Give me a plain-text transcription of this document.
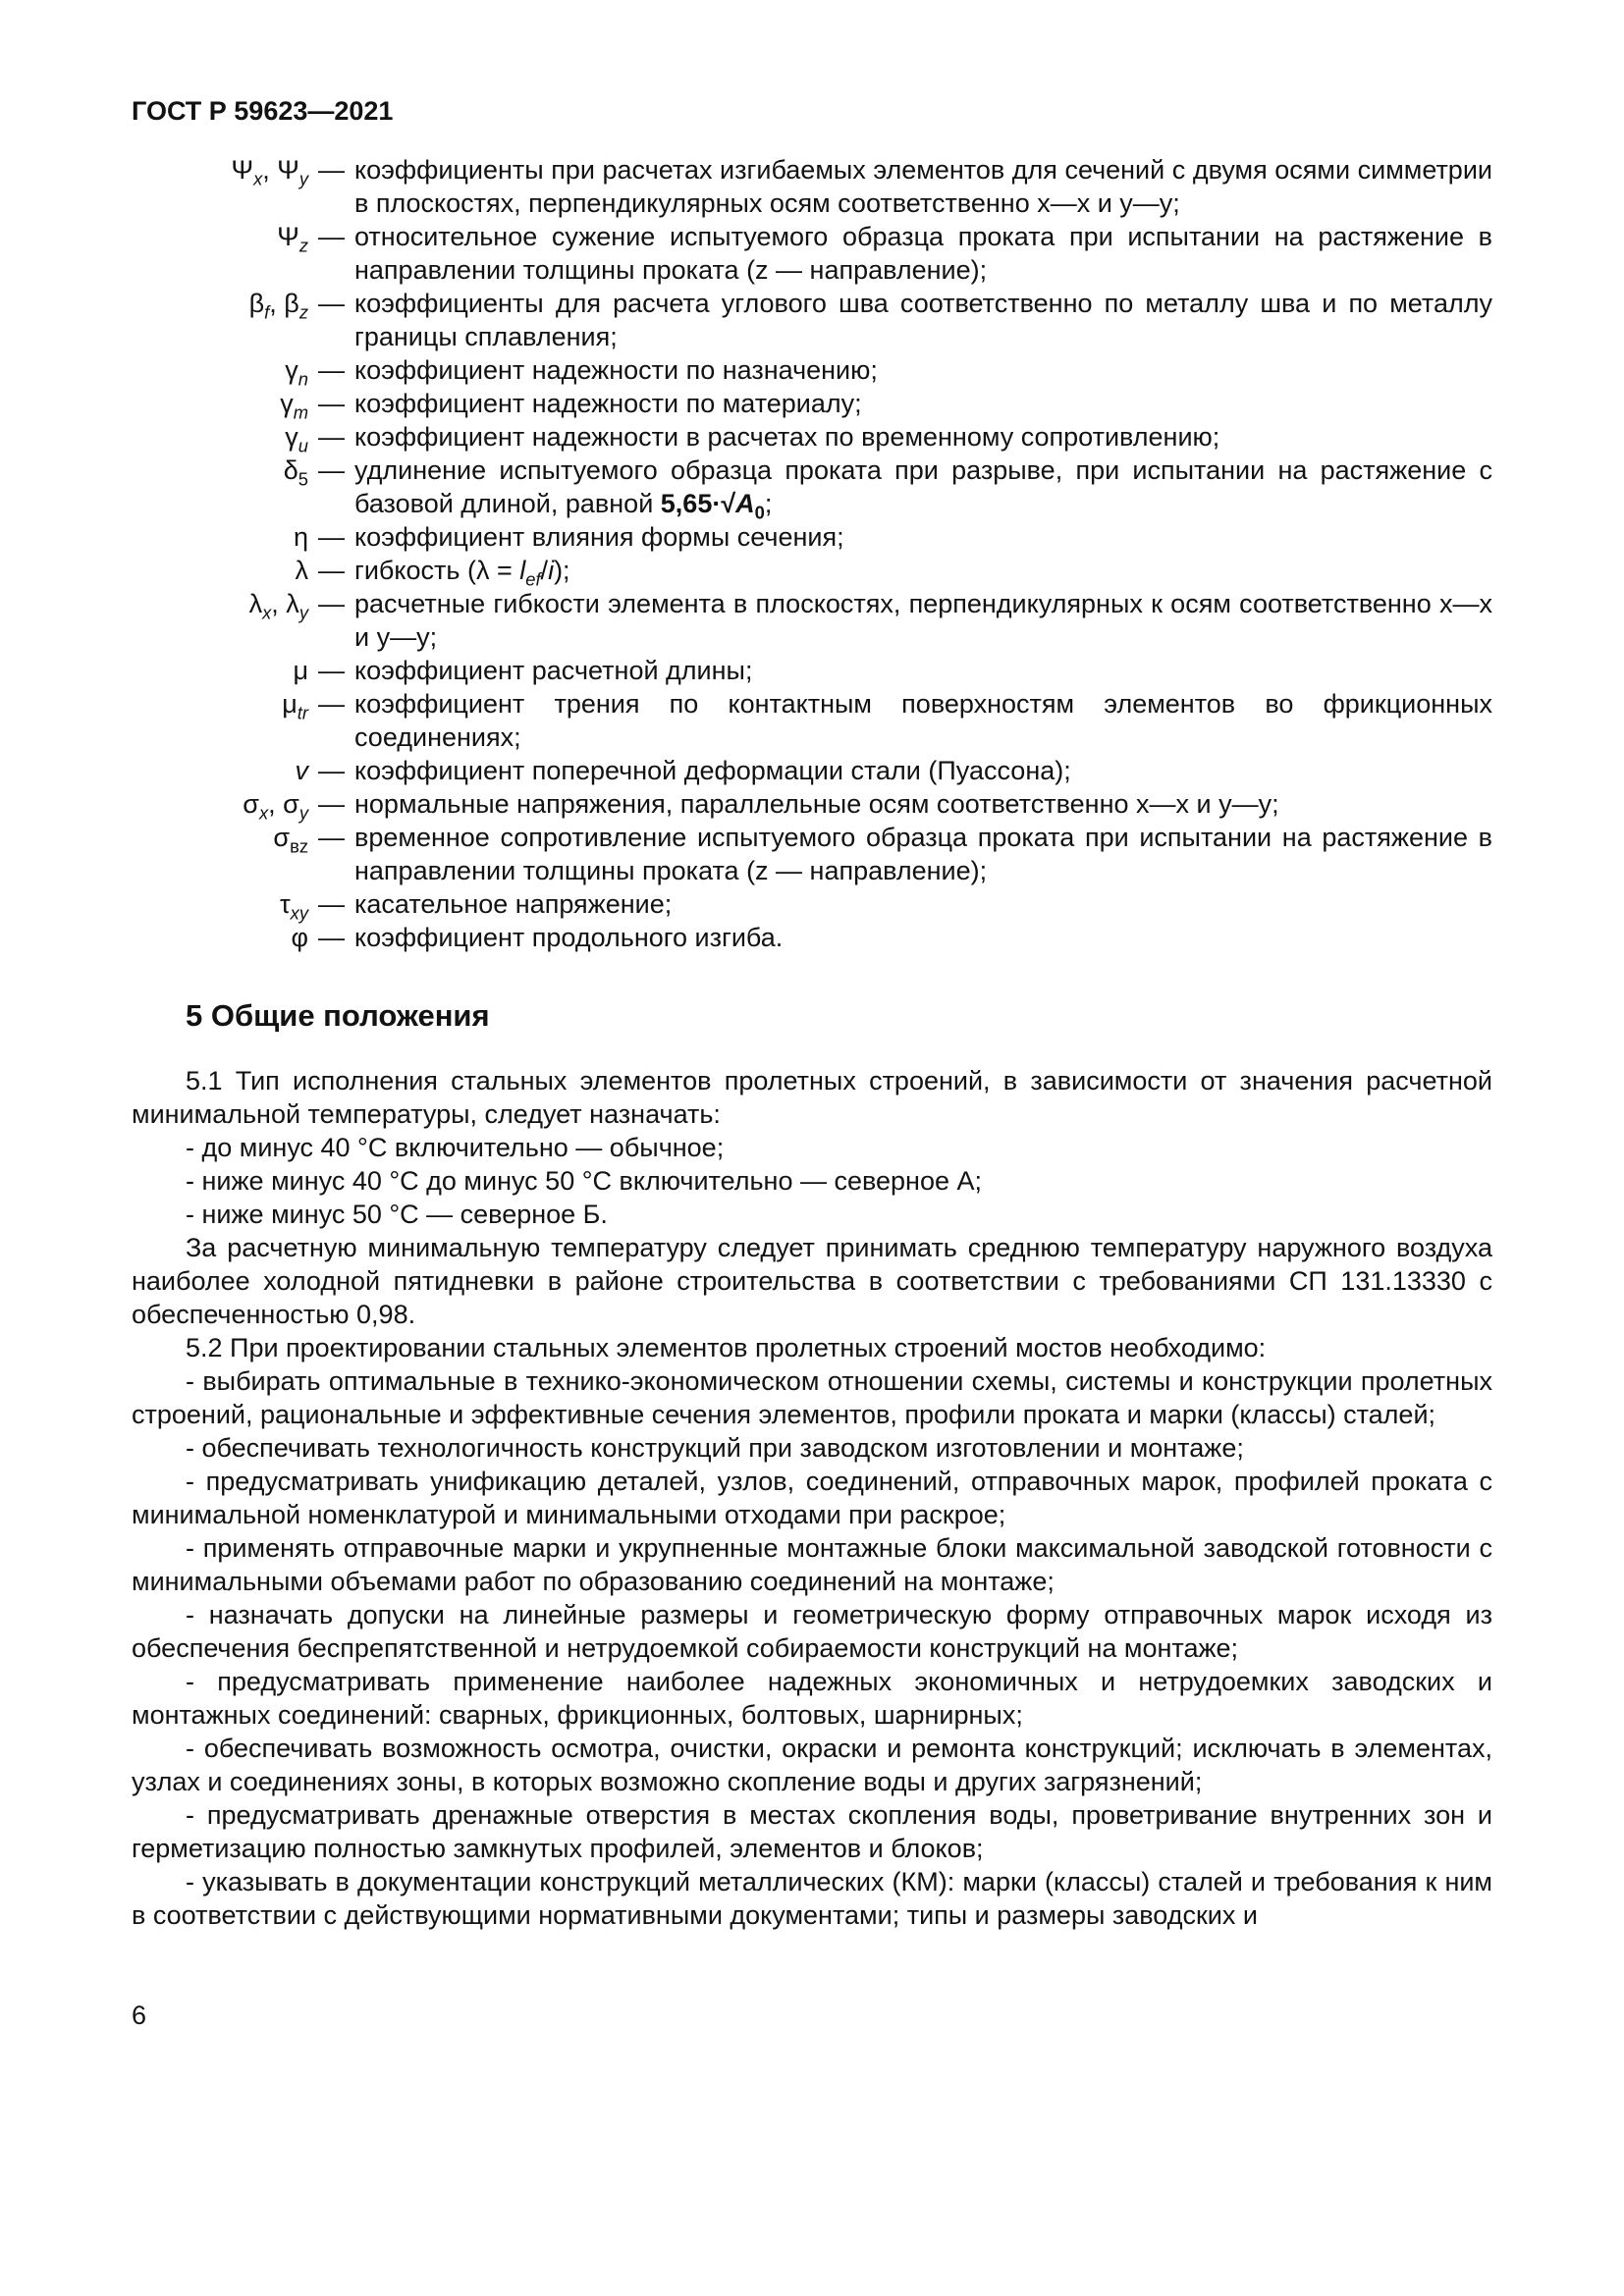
ГОСТ Р 59623—2021
$\Psi_x$, $\Psi_y$ — коэффициенты при расчетах изгибаемых элементов для сечений с двумя осями симметрии в плоскостях, перпендикулярных осям соответственно x—x и y—y;
$\Psi_z$ — относительное сужение испытуемого образца проката при испытании на растяжение в направлении толщины проката (z — направление);
$\beta_f$, $\beta_z$ — коэффициенты для расчета углового шва соответственно по металлу шва и по металлу границы сплавления;
$\gamma_n$ — коэффициент надежности по назначению;
$\gamma_m$ — коэффициент надежности по материалу;
$\gamma_u$ — коэффициент надежности в расчетах по временному сопротивлению;
$\delta_5$ — удлинение испытуемого образца проката при разрыве, при испытании на растяжение с базовой длиной, равной $5,65\cdot√A_0$;
η — коэффициент влияния формы сечения;
λ — гибкость $(\lambda = l_{ef}/i)$;
$\lambda_x$, $\lambda_y$ — расчетные гибкости элемента в плоскостях, перпендикулярных к осям соответственно x—x и y—y;
μ — коэффициент расчетной длины;
$\mu_{tr}$ — коэффициент трения по контактным поверхностям элементов во фрикционных соединениях;
v — коэффициент поперечной деформации стали (Пуассона);
$\sigma_x$, $\sigma_y$ — нормальные напряжения, параллельные осям соответственно x—x и y—y;
$\sigma_{вz}$ — временное сопротивление испытуемого образца проката при испытании на растяжение в направлении толщины проката (z — направление);
$\tau_{xy}$ — касательное напряжение;
φ — коэффициент продольного изгиба.
5 Общие положения

5.1 Тип исполнения стальных элементов пролетных строений, в зависимости от значения расчетной минимальной температуры, следует назначать:

- до минус 40 °С включительно — обычное;

- ниже минус 40 °С до минус 50 °С включительно — северное А;

- ниже минус 50 °С — северное Б.

За расчетную минимальную температуру следует принимать среднюю температуру наружного воздуха наиболее холодной пятидневки в районе строительства в соответствии с требованиями СП 131.13330 с обеспеченностью 0,98.

5.2 При проектировании стальных элементов пролетных строений мостов необходимо:

- выбирать оптимальные в технико-экономическом отношении схемы, системы и конструкции пролетных строений, рациональные и эффективные сечения элементов, профили проката и марки (классы) сталей;

- обеспечивать технологичность конструкций при заводском изготовлении и монтаже;

- предусматривать унификацию деталей, узлов, соединений, отправочных марок, профилей проката с минимальной номенклатурой и минимальными отходами при раскрое;

- применять отправочные марки и укрупненные монтажные блоки максимальной заводской готовности с минимальными объемами работ по образованию соединений на монтаже;

- назначать допуски на линейные размеры и геометрическую форму отправочных марок исходя из обеспечения беспрепятственной и нетрудоемкой собираемости конструкций на монтаже;

- предусматривать применение наиболее надежных экономичных и нетрудоемких заводских и монтажных соединений: сварных, фрикционных, болтовых, шарнирных;

- обеспечивать возможность осмотра, очистки, окраски и ремонта конструкций; исключать в элементах, узлах и соединениях зоны, в которых возможно скопление воды и других загрязнений;

- предусматривать дренажные отверстия в местах скопления воды, проветривание внутренних зон и герметизацию полностью замкнутых профилей, элементов и блоков;

- указывать в документации конструкций металлических (КМ): марки (классы) сталей и требования к ним в соответствии с действующими нормативными документами; типы и размеры заводских и

6
